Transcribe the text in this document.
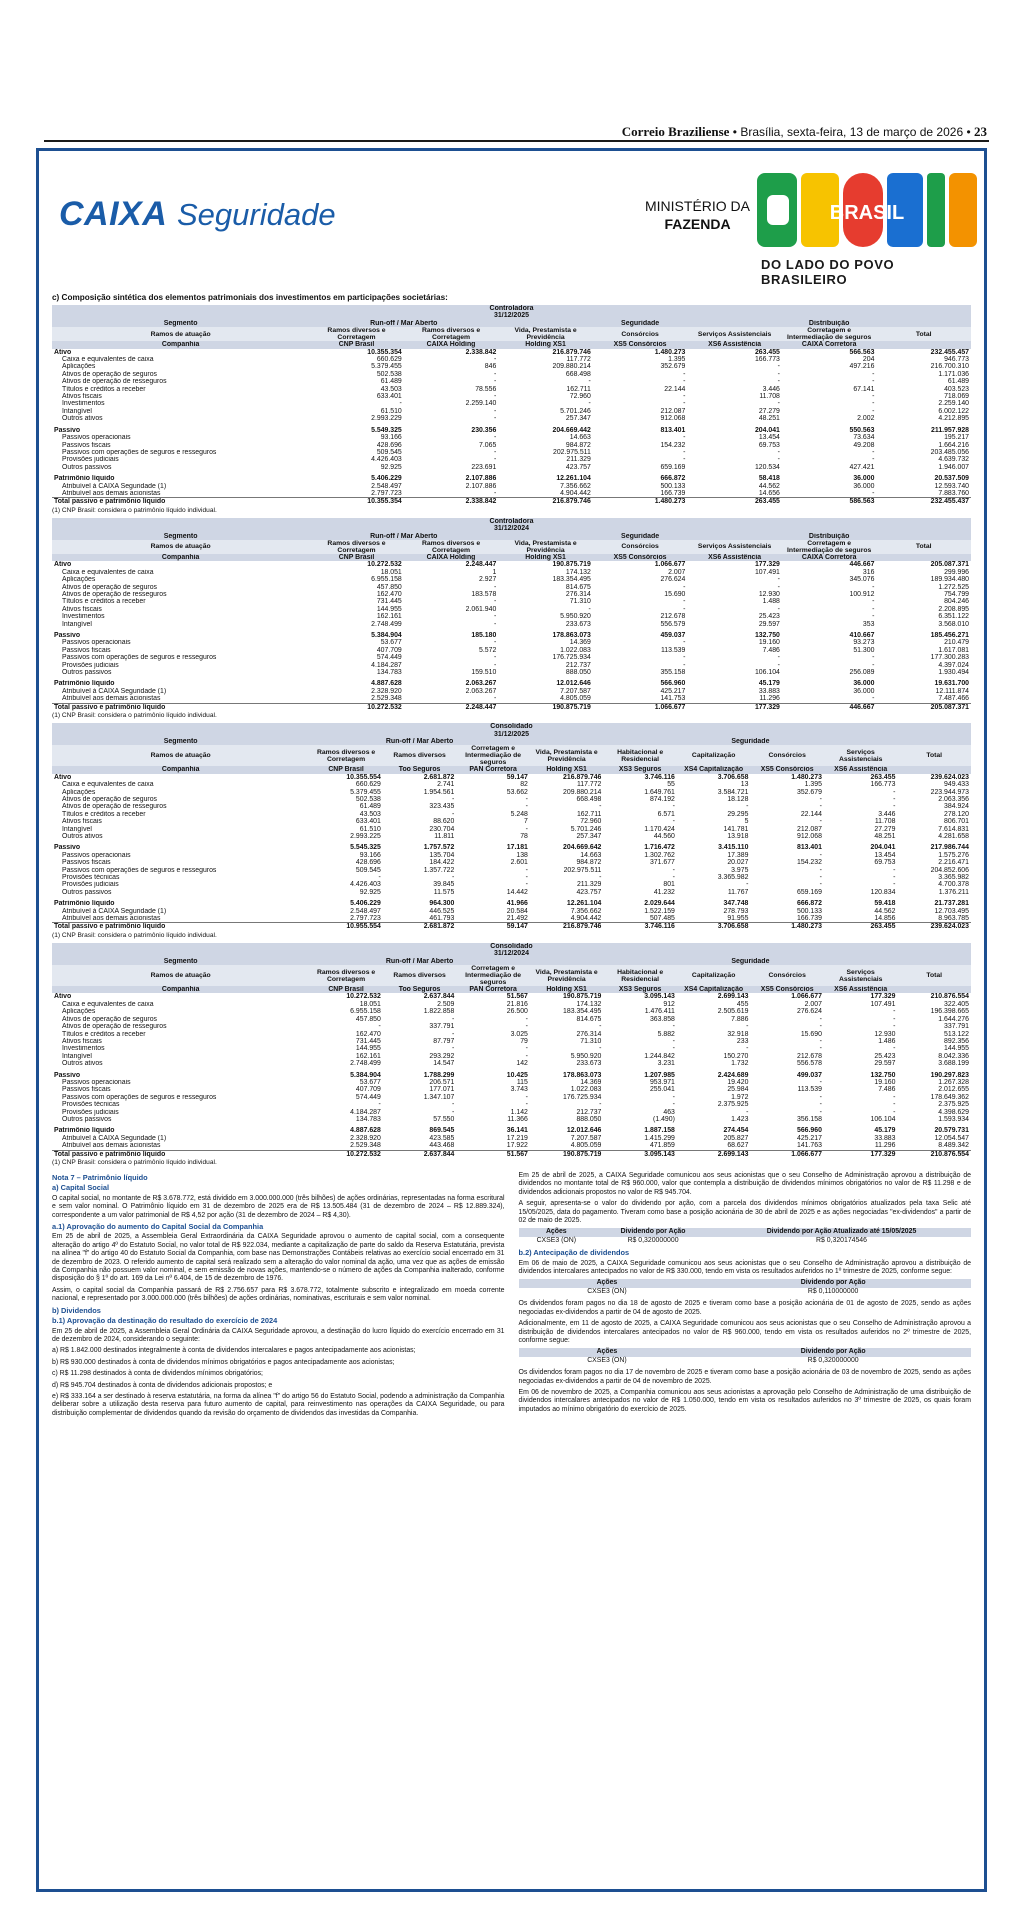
Correio Braziliense • Brasília, sexta-feira, 13 de março de 2026 • 23
CAIXA Seguridade	MINISTÉRIO DA
FAZENDA	BRASIL
DO LADO DO POVO BRASILEIRO
c) Composição sintética dos elementos patrimoniais dos investimentos em participações societárias:
Controladora							
31/12/2025							
Segmento	Run-off / Mar Aberto		Seguridade			Distribuição	
Ramos de atuação	Ramos diversos e Corretagem	Ramos diversos e Corretagem	Vida, Prestamista e Previdência	Consórcios	Serviços Assistenciais	Corretagem e Intermediação de seguros	Total
Companhia	CNP Brasil	CAIXA Holding	Holding XS1	XS5 Consórcios	XS6 Assistência	CAIXA Corretora	
Ativo	10.355.354	2.338.842	216.879.746	1.480.273	263.455	566.563	232.455.457
Caixa e equivalentes de caixa	660.629	-	117.772	1.395	166.773	204	946.773
Aplicações	5.379.455	846	209.880.214	352.679	-	497.216	216.700.310
Ativos de operação de seguros	502.538	-	668.498	-	-	-	1.171.036
Ativos de operação de resseguros	61.489	-	-	-	-	-	61.489
Títulos e créditos a receber	43.503	78.556	162.711	22.144	3.446	67.141	403.523
Ativos fiscais	633.401	-	72.960	-	11.708	-	718.069
Investimentos	-	2.259.140	-	-	-	-	2.259.140
Intangível	61.510	-	5.701.246	212.087	27.279	-	6.002.122
Outros ativos	2.993.229	-	257.347	912.068	48.251	2.002	4.212.895

Passivo	5.549.325	230.356	204.669.442	813.401	204.041	550.563	211.957.928
Passivos operacionais	93.166	-	14.663	-	13.454	73.634	195.217
Passivos fiscais	428.696	7.065	984.872	154.232	69.753	49.208	1.664.216
Passivos com operações de seguros e resseguros	509.545	-	202.975.511	-	-	-	203.485.056
Provisões judiciais	4.426.403	-	211.329	-	-	-	4.639.732
Outros passivos	92.925	223.691	423.757	659.169	120.534	427.421	1.946.007

Patrimônio líquido	5.406.229	2.107.886	12.261.104	666.872	58.418	36.000	20.537.509
Atribuível à CAIXA Seguridade (1)	2.548.497	2.107.886	7.356.662	500.133	44.562	36.000	12.593.740
Atribuível aos demais acionistas	2.797.723	-	4.904.442	166.739	14.656	-	7.883.760
Total passivo e patrimônio líquido	10.355.354	2.338.842	216.879.746	1.480.273	263.455	586.563	232.455.437
(1) CNP Brasil: considera o patrimônio líquido individual.
Controladora							
31/12/2024							
Segmento	Run-off / Mar Aberto		Seguridade			Distribuição	
Ramos de atuação	Ramos diversos e Corretagem	Ramos diversos e Corretagem	Vida, Prestamista e Previdência	Consórcios	Serviços Assistenciais	Corretagem e Intermediação de seguros	Total
Companhia	CNP Brasil	CAIXA Holding	Holding XS1	XS5 Consórcios	XS6 Assistência	CAIXA Corretora	
Ativo	10.272.532	2.248.447	190.875.719	1.066.677	177.329	446.667	205.087.371
Caixa e equivalentes de caixa	18.051	1	174.132	2.007	107.491	316	299.996
Aplicações	6.955.158	2.927	183.354.495	276.624	-	345.076	189.934.480
Ativos de operação de seguros	457.850	-	814.675	-	-	-	1.272.525
Ativos de operação de resseguros	162.470	183.578	276.314	15.690	12.930	100.912	754.799
Títulos e créditos a receber	731.445	-	71.310	-	1.488	-	804.246
Ativos fiscais	144.955	2.061.940	-	-	-	-	2.208.895
Investimentos	162.161	-	5.950.920	212.678	25.423	-	6.351.122
Intangível	2.748.499	-	233.673	556.579	29.597	353	3.568.010

Passivo	5.384.904	185.180	178.863.073	459.037	132.750	410.667	185.456.271
Passivos operacionais	53.677	-	14.369	-	19.160	93.273	210.479
Passivos fiscais	407.709	5.572	1.022.083	113.539	7.486	51.300	1.617.081
Passivos com operações de seguros e resseguros	574.449	-	176.725.934	-	-	-	177.300.283
Provisões judiciais	4.184.287	-	212.737	-	-	-	4.397.024
Outros passivos	134.783	159.510	888.050	355.158	106.104	256.089	1.930.494

Patrimônio líquido	4.887.628	2.063.267	12.012.646	566.960	45.179	36.000	19.631.700
Atribuível à CAIXA Seguridade (1)	2.328.920	2.063.267	7.207.587	425.217	33.883	36.000	12.111.874
Atribuível aos demais acionistas	2.529.348	-	4.805.059	141.753	11.296	-	7.487.466
Total passivo e patrimônio líquido	10.272.532	2.248.447	190.875.719	1.066.677	177.329	446.667	205.087.371
(1) CNP Brasil: considera o patrimônio líquido individual.
Consolidado										
31/12/2025										
Segmento	Run-off / Mar Aberto			Seguridade						
Ramos de atuação	Ramos diversos e Corretagem	Ramos diversos	Corretagem e Intermediação de seguros	Vida, Prestamista e Previdência	Habitacional e Residencial	Capitalização	Consórcios	Serviços Assistenciais	Total	
Companhia	CNP Brasil	Too Seguros	PAN Corretora	Holding XS1	XS3 Seguros	XS4 Capitalização	XS5 Consórcios	XS6 Assistência		
Ativo	10.355.554	2.681.872	59.147	216.879.746	3.746.116	3.706.658	1.480.273	263.455	239.624.023	
Caixa e equivalentes de caixa	660.629	2.741	82	117.772	55	13	1.395	166.773	949.433	
Aplicações	5.379.455	1.954.561	53.662	209.880.214	1.649.761	3.584.721	352.679	-	223.944.973	
Ativos de operação de seguros	502.538	-	-	668.498	874.192	18.128	-	-	2.063.356	
Ativos de operação de resseguros	61.489	323.435	-	-	-	-	-	-	384.924	
Títulos e créditos a receber	43.503	-	5.248	162.711	6.571	29.295	22.144	3.446	278.120	
Ativos fiscais	633.401	88.620	7	72.960	-	5	-	11.708	806.701	
Intangível	61.510	230.704	-	5.701.246	1.170.424	141.781	212.087	27.279	7.614.831	
Outros ativos	2.993.225	11.811	78	257.347	44.560	13.918	912.068	48.251	4.281.658	

Passivo	5.545.325	1.757.572	17.181	204.669.642	1.716.472	3.415.110	813.401	204.041	217.986.744	
Passivos operacionais	93.166	135.704	138	14.663	1.302.762	17.389	-	13.454	1.575.276	
Passivos fiscais	428.696	184.422	2.601	984.872	371.677	20.027	154.232	69.753	2.216.471	
Passivos com operações de seguros e resseguros	509.545	1.357.722	-	202.975.511	-	3.975	-	-	204.852.606	
Provisões técnicas	-	-	-	-	-	3.365.982	-	-	3.365.982	
Provisões judiciais	4.426.403	39.845	-	211.329	801	-	-	-	4.700.378	
Outros passivos	92.925	11.575	14.442	423.757	41.232	11.767	659.169	120.834	1.376.211	

Patrimônio líquido	5.406.229	964.300	41.966	12.261.104	2.029.644	347.748	666.872	59.418	21.737.281	
Atribuível à CAIXA Seguridade (1)	2.548.497	446.525	20.584	7.356.662	1.522.159	278.793	500.133	44.562	12.703.495	
Atribuível aos demais acionistas	2.797.723	461.793	21.492	4.904.442	507.485	91.955	166.739	14.856	8.963.785	
Total passivo e patrimônio líquido	10.955.554	2.681.872	59.147	216.879.746	3.746.116	3.706.658	1.480.273	263.455	239.624.023	
(1) CNP Brasil: considera o patrimônio líquido individual.
Consolidado										
31/12/2024										
Segmento	Run-off / Mar Aberto			Seguridade						
Ramos de atuação	Ramos diversos e Corretagem	Ramos diversos	Corretagem e Intermediação de seguros	Vida, Prestamista e Previdência	Habitacional e Residencial	Capitalização	Consórcios	Serviços Assistenciais	Total	
Companhia	CNP Brasil	Too Seguros	PAN Corretora	Holding XS1	XS3 Seguros	XS4 Capitalização	XS5 Consórcios	XS6 Assistência		
Ativo	10.272.532	2.637.844	51.567	190.875.719	3.095.143	2.699.143	1.066.677	177.329	210.876.554	
Caixa e equivalentes de caixa	18.051	2.509	21.816	174.132	912	455	2.007	107.491	322.405	
Aplicações	6.955.158	1.822.858	26.500	183.354.495	1.476.411	2.505.619	276.624	-	196.398.665	
Ativos de operação de seguros	457.850	-	-	814.675	363.858	7.886	-	-	1.644.276	
Ativos de operação de resseguros	-	337.791	-	-	-	-	-	-	337.791	
Títulos e créditos a receber	162.470	-	3.025	276.314	5.882	32.918	15.690	12.930	513.122	
Ativos fiscais	731.445	87.797	79	71.310	-	233	-	1.486	892.356	
Investimentos	144.955	-	-	-	-	-	-	-	144.955	
Intangível	162.161	293.292	-	5.950.920	1.244.842	150.270	212.678	25.423	8.042.336	
Outros ativos	2.748.499	14.547	142	233.673	3.231	1.732	556.578	29.597	3.688.199	

Passivo	5.384.904	1.788.299	10.425	178.863.073	1.207.985	2.424.689	499.037	132.750	190.297.823	
Passivos operacionais	53.677	206.571	115	14.369	953.971	19.420	-	19.160	1.267.328	
Passivos fiscais	407.709	177.071	3.743	1.022.083	255.041	25.984	113.539	7.486	2.012.655	
Passivos com operações de seguros e resseguros	574.449	1.347.107	-	176.725.934	-	1.972	-	-	178.649.362	
Provisões técnicas	-	-	-	-	-	2.375.925	-	-	2.375.925	
Provisões judiciais	4.184.287	-	1.142	212.737	463	-	-	-	4.398.629	
Outros passivos	134.783	57.550	11.366	888.050	(1.490)	1.423	356.158	106.104	1.593.934	

Patrimônio líquido	4.887.628	869.545	36.141	12.012.646	1.887.158	274.454	566.960	45.179	20.579.731	
Atribuível à CAIXA Seguridade (1)	2.328.920	423.585	17.219	7.207.587	1.415.299	205.827	425.217	33.883	12.054.547	
Atribuível aos demais acionistas	2.529.348	443.468	17.922	4.805.059	471.859	68.627	141.763	11.296	8.489.342	
Total passivo e patrimônio líquido	10.272.532	2.637.844	51.567	190.875.719	3.095.143	2.699.143	1.066.677	177.329	210.876.554	
(1) CNP Brasil: considera o patrimônio líquido individual.
Nota 7 – Patrimônio líquido
a) Capital Social

O capital social, no montante de R$ 3.678.772, está dividido em 3.000.000.000 (três bilhões) de ações ordinárias, representadas na forma escritural e sem valor nominal. O Patrimônio líquido em 31 de dezembro de 2025 era de R$ 13.505.484 (31 de dezembro de 2024 – R$ 12.889.324), correspondente a um valor patrimonial de R$ 4,52 por ação (31 de dezembro de 2024 – R$ 4,30).

a.1) Aprovação do aumento do Capital Social da Companhia

Em 25 de abril de 2025, a Assembleia Geral Extraordinária da CAIXA Seguridade aprovou o aumento de capital social, com a consequente alteração do artigo 4º do Estatuto Social, no valor total de R$ 922.034, mediante a capitalização de parte do saldo da Reserva Estatutária, prevista na alínea "f" do artigo 40 do Estatuto Social da Companhia, com base nas Demonstrações Contábeis relativas ao exercício social encerrado em 31 de dezembro de 2023. O referido aumento de capital será realizado sem a alteração do valor nominal da ação, uma vez que as ações de emissão da Companhia não possuem valor nominal, e sem emissão de novas ações, mantendo-se o número de ações da Companhia inalterado, conforme disposição do § 1º do art. 169 da Lei nº 6.404, de 15 de dezembro de 1976.

Assim, o capital social da Companhia passará de R$ 2.756.657 para R$ 3.678.772, totalmente subscrito e integralizado em moeda corrente nacional, e representado por 3.000.000.000 (três bilhões) de ações ordinárias, nominativas, escriturais e sem valor nominal.

b) Dividendos
b.1) Aprovação da destinação do resultado do exercício de 2024

Em 25 de abril de 2025, a Assembleia Geral Ordinária da CAIXA Seguridade aprovou, a destinação do lucro líquido do exercício encerrado em 31 de dezembro de 2024, considerando o seguinte:

a) R$ 1.842.000 destinados integralmente à conta de dividendos intercalares e pagos antecipadamente aos acionistas;

b) R$ 930.000 destinados à conta de dividendos mínimos obrigatórios e pagos antecipadamente aos acionistas;

c) R$ 11.298 destinados à conta de dividendos mínimos obrigatórios;

d) R$ 945.704 destinados à conta de dividendos adicionais propostos; e

e) R$ 333.164 a ser destinado à reserva estatutária, na forma da alínea "f" do artigo 56 do Estatuto Social, podendo a administração da Companhia deliberar sobre a utilização desta reserva para futuro aumento de capital, para reinvestimento nas operações da CAIXA Seguridade, ou para distribuição complementar de dividendos quando da revisão do orçamento de dividendos das investidas da Companhia.

Em 25 de abril de 2025, a CAIXA Seguridade comunicou aos seus acionistas que o seu Conselho de Administração aprovou a distribuição de dividendos no montante total de R$ 960.000, valor que contempla a distribuição de dividendos mínimos obrigatórios no valor de R$ 11.298 e de dividendos adicionais propostos no valor de R$ 945.704.

A seguir, apresenta-se o valor do dividendo por ação, com a parcela dos dividendos mínimos obrigatórios atualizados pela taxa Selic até 15/05/2025, data do pagamento. Tiveram como base a posição acionária de 30 de abril de 2025 e as ações negociadas "ex-dividendos" a partir de 02 de maio de 2025.

Ações	Dividendo por Ação	Dividendo por Ação Atualizado até 15/05/2025
CXSE3 (ON)	R$ 0,320000000	R$ 0,320174546
b.2) Antecipação de dividendos

Em 06 de maio de 2025, a CAIXA Seguridade comunicou aos seus acionistas que o seu Conselho de Administração aprovou a distribuição de dividendos intercalares antecipados no valor de R$ 330.000, tendo em vista os resultados auferidos no 1º trimestre de 2025, conforme segue:

Ações	Dividendo por Ação
CXSE3 (ON)	R$ 0,110000000

Os dividendos foram pagos no dia 18 de agosto de 2025 e tiveram como base a posição acionária de 01 de agosto de 2025, sendo as ações negociadas ex-dividendos a partir de 04 de agosto de 2025.

Adicionalmente, em 11 de agosto de 2025, a CAIXA Seguridade comunicou aos seus acionistas que o seu Conselho de Administração aprovou a distribuição de dividendos intercalares antecipados no valor de R$ 960.000, tendo em vista os resultados auferidos no 2º trimestre de 2025, conforme segue:

Ações	Dividendo por Ação
CXSE3 (ON)	R$ 0,320000000

Os dividendos foram pagos no dia 17 de novembro de 2025 e tiveram como base a posição acionária de 03 de novembro de 2025, sendo as ações negociadas ex-dividendos a partir de 04 de novembro de 2025.

Em 06 de novembro de 2025, a Companhia comunicou aos seus acionistas a aprovação pelo Conselho de Administração de uma distribuição de dividendos intercalares antecipados no valor de R$ 1.050.000, tendo em vista os resultados auferidos no 3º trimestre de 2025, os quais foram imputados ao mínimo obrigatório do exercício de 2025.
